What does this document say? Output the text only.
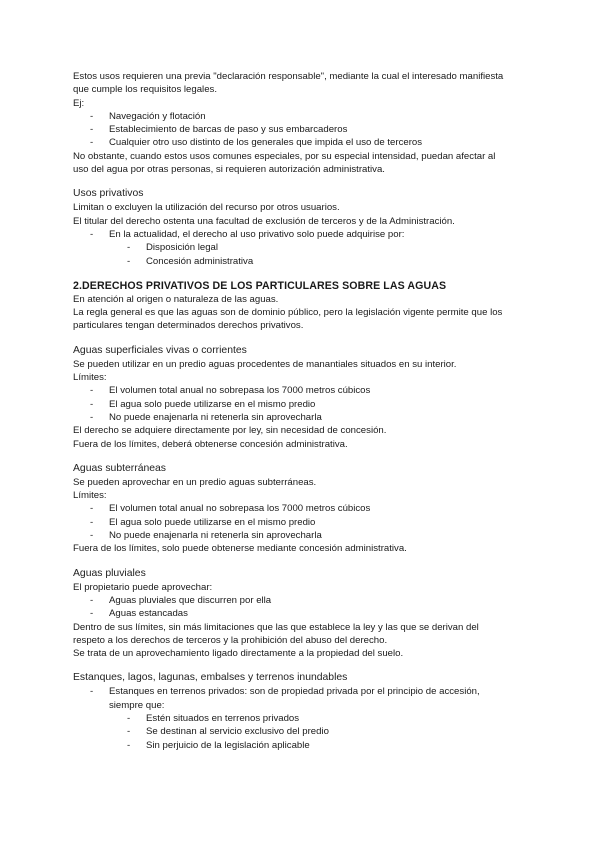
Estos usos requieren una previa "declaración responsable", mediante la cual el interesado manifiesta

que cumple los requisitos legales.

Ej:

- Navegación y flotación
- Establecimiento de barcas de paso y sus embarcaderos
- Cualquier otro uso distinto de los generales que impida el uso de terceros

No obstante, cuando estos usos comunes especiales, por su especial intensidad, puedan afectar al

uso del agua por otras personas, si requieren autorización administrativa.

Usos privativos

Limitan o excluyen la utilización del recurso por otros usuarios.

El titular del derecho ostenta una facultad de exclusión de terceros y de la Administración.

- En la actualidad, el derecho al uso privativo solo puede adquirise por:
- Disposición legal
- Concesión administrativa
2.DERECHOS PRIVATIVOS DE LOS PARTICULARES SOBRE LAS AGUAS

En atención al origen o naturaleza de las aguas.

La regla general es que las aguas son de dominio público, pero la legislación vigente permite que los

particulares tengan determinados derechos privativos.

Aguas superficiales vivas o corrientes

Se pueden utilizar en un predio aguas procedentes de manantiales situados en su interior.

Límites:

- El volumen total anual no sobrepasa los 7000 metros cúbicos
- El agua solo puede utilizarse en el mismo predio
- No puede enajenarla ni retenerla sin aprovecharla

El derecho se adquiere directamente por ley, sin necesidad de concesión.

Fuera de los límites, deberá obtenerse concesión administrativa.

Aguas subterráneas

Se pueden aprovechar en un predio aguas subterráneas.

Límites:

- El volumen total anual no sobrepasa los 7000 metros cúbicos
- El agua solo puede utilizarse en el mismo predio
- No puede enajenarla ni retenerla sin aprovecharla

Fuera de los límites, solo puede obtenerse mediante concesión administrativa.

Aguas pluviales

El propietario puede aprovechar:

- Aguas pluviales que discurren por ella
- Aguas estancadas

Dentro de sus límites, sin más limitaciones que las que establece la ley y las que se derivan del

respeto a los derechos de terceros y la prohibición del abuso del derecho.

Se trata de un aprovechamiento ligado directamente a la propiedad del suelo.

Estanques, lagos, lagunas, embalses y terrenos inundables
- Estanques en terrenos privados: son de propiedad privada por el principio de accesión,

siempre que:

- Estén situados en terrenos privados
- Se destinan al servicio exclusivo del predio
- Sin perjuicio de la legislación aplicable
